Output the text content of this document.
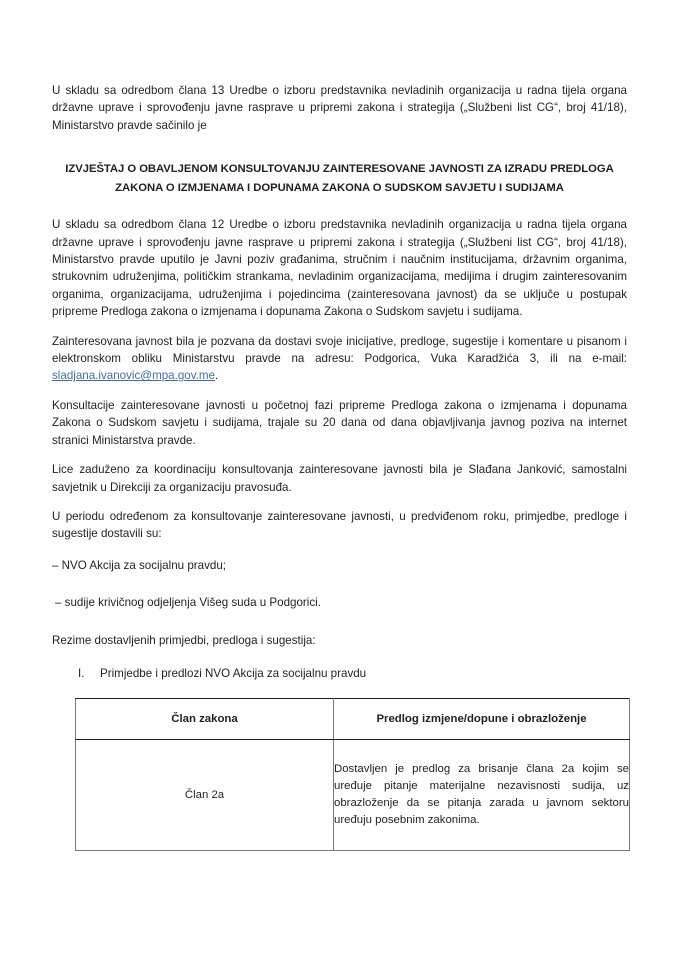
U skladu sa odredbom člana 13 Uredbe o izboru predstavnika nevladinih organizacija u radna tijela organa državne uprave i sprovođenju javne rasprave u pripremi zakona i strategija („Službeni list CG“, broj 41/18), Ministarstvo pravde sačinilo je

IZVJEŠTAJ O OBAVLJENOM KONSULTOVANJU ZAINTERESOVANE JAVNOSTI ZA IZRADU PREDLOGA ZAKONA O IZMJENAMA I DOPUNAMA ZAKONA O SUDSKOM SAVJETU I SUDIJAMA

U skladu sa odredbom člana 12 Uredbe o izboru predstavnika nevladinih organizacija u radna tijela organa državne uprave i sprovođenju javne rasprave u pripremi zakona i strategija („Službeni list CG“, broj 41/18), Ministarstvo pravde uputilo je Javni poziv građanima, stručnim i naučnim institucijama, državnim organima, strukovnim udruženjima, političkim strankama, nevladinim organizacijama, medijima i drugim zainteresovanim organima, organizacijama, udruženjima i pojedincima (zainteresovana javnost) da se uključe u postupak pripreme Predloga zakona o izmjenama i dopunama Zakona o Sudskom savjetu i sudijama.

Zainteresovana javnost bila je pozvana da dostavi svoje inicijative, predloge, sugestije i komentare u pisanom i elektronskom obliku Ministarstvu pravde na adresu: Podgorica, Vuka Karadžića 3, ili na e-mail: sladjana.ivanovic@mpa.gov.me.

Konsultacije zainteresovane javnosti u početnoj fazi pripreme Predloga zakona o izmjenama i dopunama Zakona o Sudskom savjetu i sudijama, trajale su 20 dana od dana objavljivanja javnog poziva na internet stranici Ministarstva pravde.

Lice zaduženo za koordinaciju konsultovanja zainteresovane javnosti bila je Slađana Janković, samostalni savjetnik u Direkciji za organizaciju pravosuđa.

U periodu određenom za konsultovanje zainteresovane javnosti, u predviđenom roku, primjedbe, predloge i sugestije dostavili su:

– NVO Akcija za socijalnu pravdu;

– sudije krivičnog odjeljenja Višeg suda u Podgorici.

Rezime dostavljenih primjedbi, predloga i sugestija:

I.	Primjedbe i predlozi NVO Akcija za socijalnu pravdu
Član zakona	Predlog izmjene/dopune i obrazloženje
Član 2a	Dostavljen je predlog za brisanje člana 2a kojim se uređuje pitanje materijalne nezavisnosti sudija, uz obrazloženje da se pitanja zarada u javnom sektoru uređuju posebnim zakonima.
